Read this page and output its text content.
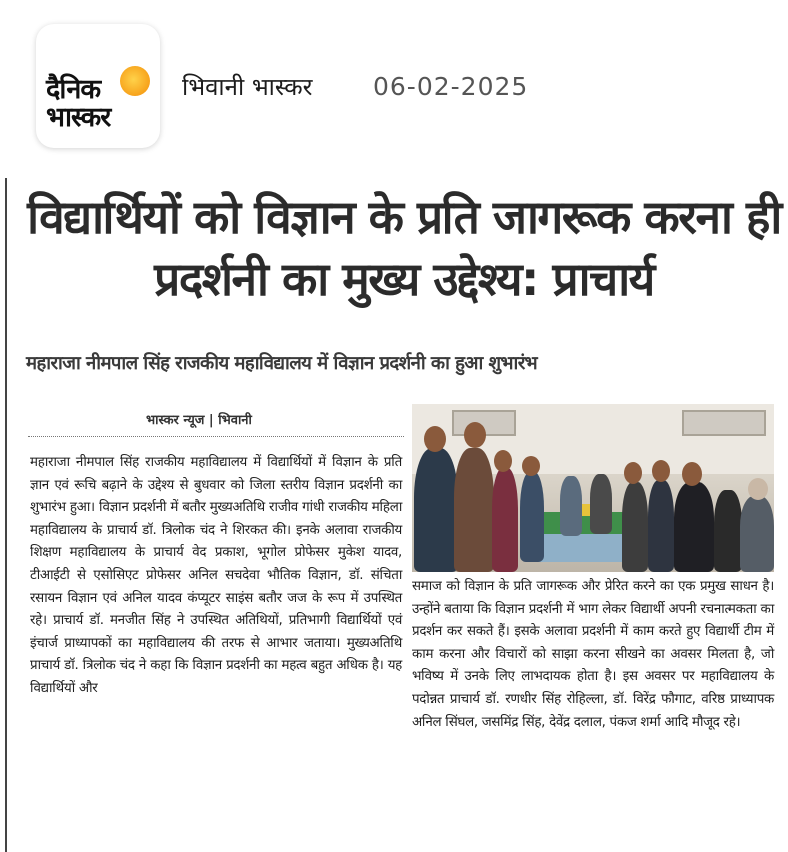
दैनिक भास्कर
भिवानी भास्कर 06-02-2025
विद्यार्थियों को विज्ञान के प्रति जागरूक करना ही प्रदर्शनी का मुख्य उद्देश्य: प्राचार्य
महाराजा नीमपाल सिंह राजकीय महाविद्यालय में विज्ञान प्रदर्शनी का हुआ शुभारंभ
भास्कर न्यूज | भिवानी

महाराजा नीमपाल सिंह राजकीय महाविद्यालय में विद्यार्थियों में विज्ञान के प्रति ज्ञान एवं रूचि बढ़ाने के उद्देश्य से बुधवार को जिला स्तरीय विज्ञान प्रदर्शनी का शुभारंभ हुआ। विज्ञान प्रदर्शनी में बतौर मुख्यअतिथि राजीव गांधी राजकीय महिला महाविद्यालय के प्राचार्य डॉ. त्रिलोक चंद ने शिरकत की। इनके अलावा राजकीय शिक्षण महाविद्यालय के प्राचार्य वेद प्रकाश, भूगोल प्रोफेसर मुकेश यादव, टीआईटी से एसोसिएट प्रोफेसर अनिल सचदेवा भौतिक विज्ञान, डॉ. संचिता रसायन विज्ञान एवं अनिल यादव कंप्यूटर साइंस बतौर जज के रूप में उपस्थित रहे। प्राचार्य डॉ. मनजीत सिंह ने उपस्थित अतिथियों, प्रतिभागी विद्यार्थियों एवं इंचार्ज प्राध्यापकों का महाविद्यालय की तरफ से आभार जताया। मुख्यअतिथि प्राचार्य डॉ. त्रिलोक चंद ने कहा कि विज्ञान प्रदर्शनी का महत्व बहुत अधिक है। यह विद्यार्थियों और

समाज को विज्ञान के प्रति जागरूक और प्रेरित करने का एक प्रमुख साधन है। उन्होंने बताया कि विज्ञान प्रदर्शनी में भाग लेकर विद्यार्थी अपनी रचनात्मकता का प्रदर्शन कर सकते हैं। इसके अलावा प्रदर्शनी में काम करते हुए विद्यार्थी टीम में काम करना और विचारों को साझा करना सीखने का अवसर मिलता है, जो भविष्य में उनके लिए लाभदायक होता है। इस अवसर पर महाविद्यालय के पदोन्नत प्राचार्य डॉ. रणधीर सिंह रोहिल्ला, डॉ. विरेंद्र फौगाट, वरिष्ठ प्राध्यापक अनिल सिंघल, जसमिंद्र सिंह, देवेंद्र दलाल, पंकज शर्मा आदि मौजूद रहे।
